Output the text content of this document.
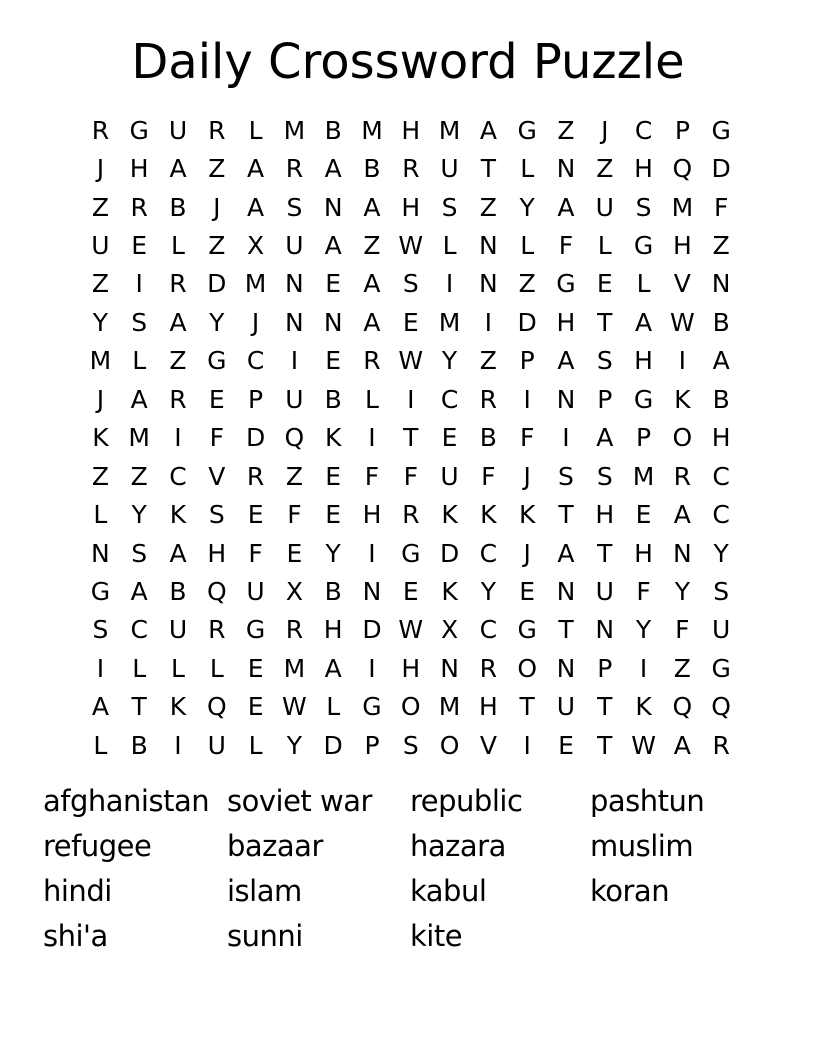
Daily Crossword Puzzle
R G U R L M B M H M A G Z	J	C P G
J	H A Z A R A B R U T L N Z H Q D
Z R B	J	A S N A H S Z Y A U S M F
U E L Z X U A Z W L N L F L G H Z
Z	I	R D M N E A S	I	N Z G E L V N
Y S A Y	J	N N A E M I	D H T A W B
M L Z G C	I	E R W Y Z P A S H	I	A
J	A R E P U B L	I	C R	I	N P G K B
K M I	F D Q K	I	T E B F	I	A P O H
Z Z C V R Z E F F U F	J	S S M R C
L Y K S E F E H R K K K T H E A C
N S A H F E Y	I	G D C	J	A T H N Y
G A B Q U X B N E K Y E N U F Y S
S C U R G R H D W X C G T N Y F U
I	L L L E M A	I	H N R O N P	I	Z G
A T K Q E W L G O M H T U T K Q Q
L B	I	U L Y D P S O V	I	E T W A R
afghanistan soviet war	republic	pashtun
refugee	bazaar	hazara	muslim
hindi	islam	kabul	koran
shi'a	sunni	kite
